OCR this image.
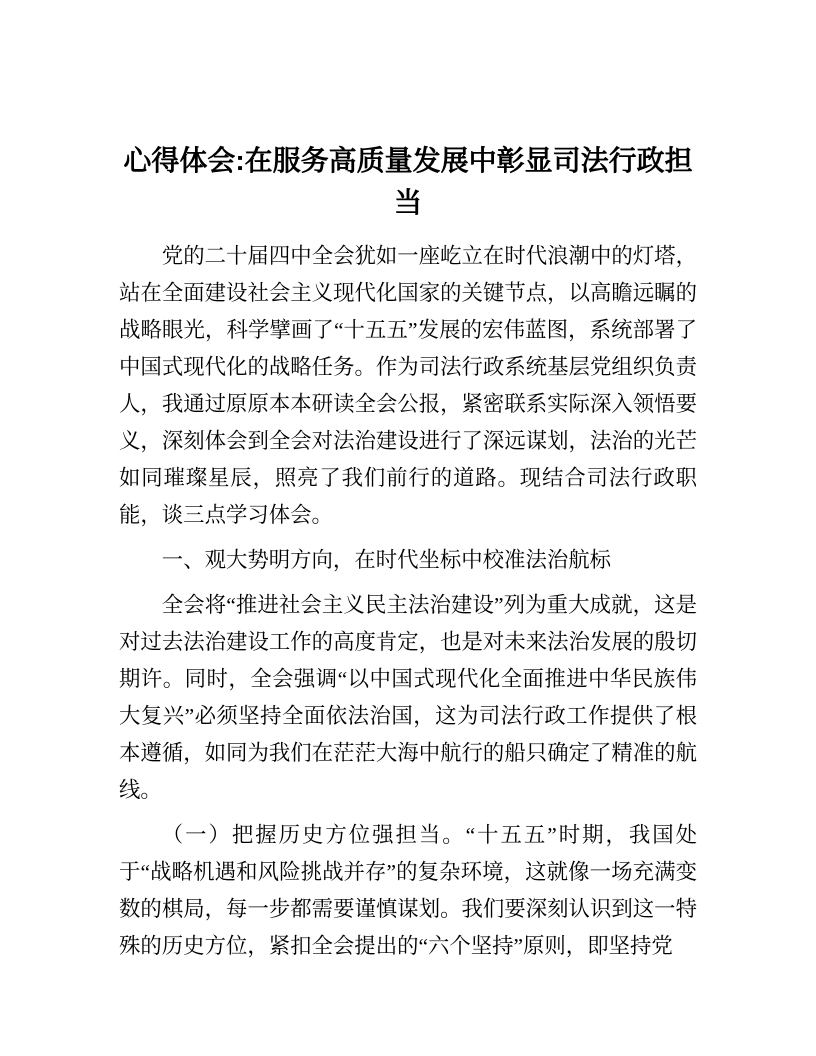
心得体会:在服务高质量发展中彰显司法行政担当

党的二十届四中全会犹如一座屹立在时代浪潮中的灯塔，站在全面建设社会主义现代化国家的关键节点，以高瞻远瞩的战略眼光，科学擘画了“十五五”发展的宏伟蓝图，系统部署了中国式现代化的战略任务。作为司法行政系统基层党组织负责人，我通过原原本本研读全会公报，紧密联系实际深入领悟要义，深刻体会到全会对法治建设进行了深远谋划，法治的光芒如同璀璨星辰，照亮了我们前行的道路。现结合司法行政职能，谈三点学习体会。

一、观大势明方向，在时代坐标中校准法治航标

全会将“推进社会主义民主法治建设”列为重大成就，这是对过去法治建设工作的高度肯定，也是对未来法治发展的殷切期许。同时，全会强调“以中国式现代化全面推进中华民族伟大复兴”必须坚持全面依法治国，这为司法行政工作提供了根本遵循，如同为我们在茫茫大海中航行的船只确定了精准的航线。

（一）把握历史方位强担当。“十五五”时期，我国处于“战略机遇和风险挑战并存”的复杂环境，这就像一场充满变数的棋局，每一步都需要谨慎谋划。我们要深刻认识到这一特殊的历史方位，紧扣全会提出的“六个坚持”原则，即坚持党
